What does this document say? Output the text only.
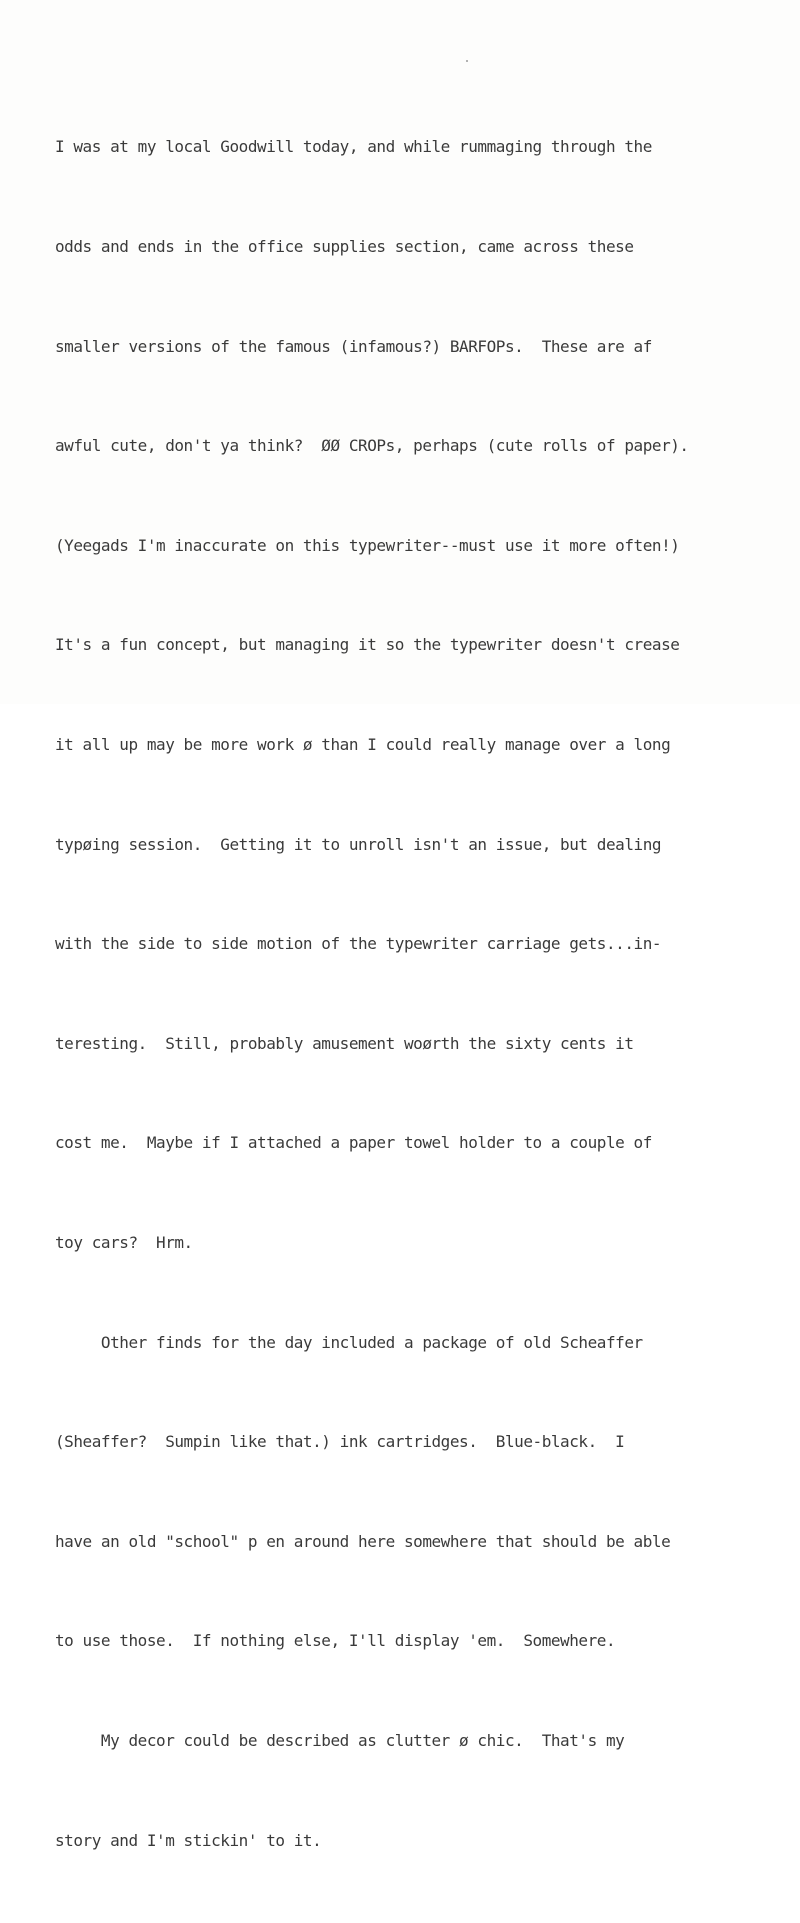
I was at my local Goodwill today, and while rummaging through the

odds and ends in the office supplies section, came across these

smaller versions of the famous (infamous?) BARFOPs.  These are af

awful cute, don't ya think?  ØØ CROPs, perhaps (cute rolls of paper).

(Yeegads I'm inaccurate on this typewriter--must use it more often!)

It's a fun concept, but managing it so the typewriter doesn't crease

it all up may be more work ø than I could really manage over a long

typøing session.  Getting it to unroll isn't an issue, but dealing

with the side to side motion of the typewriter carriage gets...in-

teresting.  Still, probably amusement woørth the sixty cents it

cost me.  Maybe if I attached a paper towel holder to a couple of

toy cars?  Hrm.

Other finds for the day included a package of old Scheaffer

(Sheaffer?  Sumpin like that.) ink cartridges.  Blue-black.  I

have an old "school" p en around here somewhere that should be able

to use those.  If nothing else, I'll display 'em.  Somewhere.

My decor could be described as clutter ø chic.  That's my

story and I'm stickin' to it.
